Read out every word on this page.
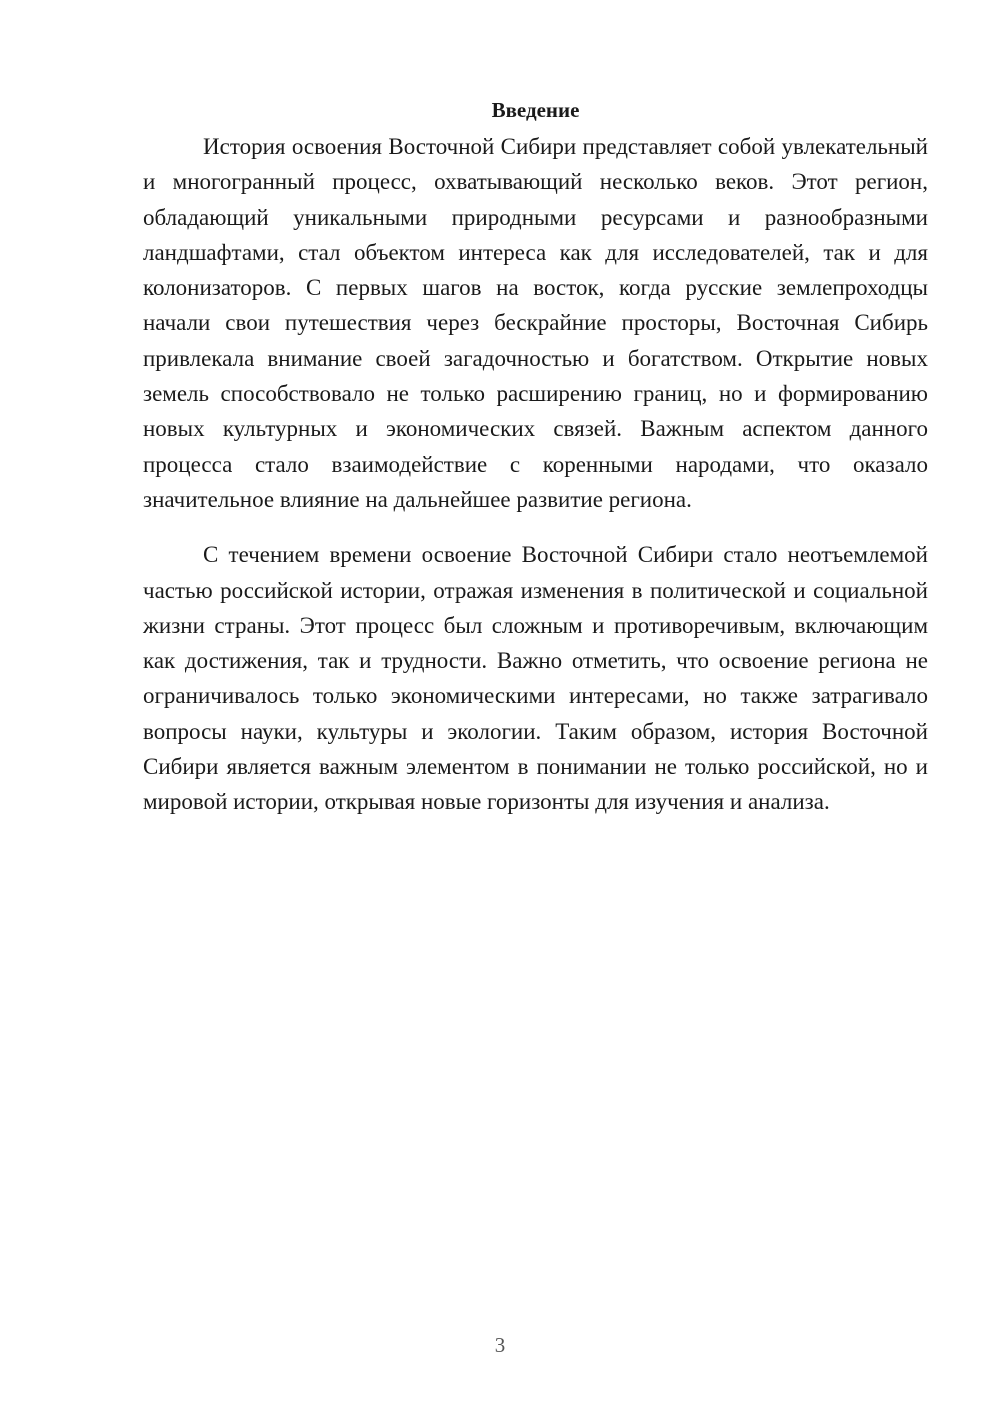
Введение

История освоения Восточной Сибири представляет собой увлекательный и многогранный процесс, охватывающий несколько веков. Этот регион, обладающий уникальными природными ресурсами и разнообразными ландшафтами, стал объектом интереса как для исследователей, так и для колонизаторов. С первых шагов на восток, когда русские землепроходцы начали свои путешествия через бескрайние просторы, Восточная Сибирь привлекала внимание своей загадочностью и богатством. Открытие новых земель способствовало не только расширению границ, но и формированию новых культурных и экономических связей. Важным аспектом данного процесса стало взаимодействие с коренными народами, что оказало значительное влияние на дальнейшее развитие региона.

С течением времени освоение Восточной Сибири стало неотъемлемой частью российской истории, отражая изменения в политической и социальной жизни страны. Этот процесс был сложным и противоречивым, включающим как достижения, так и трудности. Важно отметить, что освоение региона не ограничивалось только экономическими интересами, но также затрагивало вопросы науки, культуры и экологии. Таким образом, история Восточной Сибири является важным элементом в понимании не только российской, но и мировой истории, открывая новые горизонты для изучения и анализа.

3
